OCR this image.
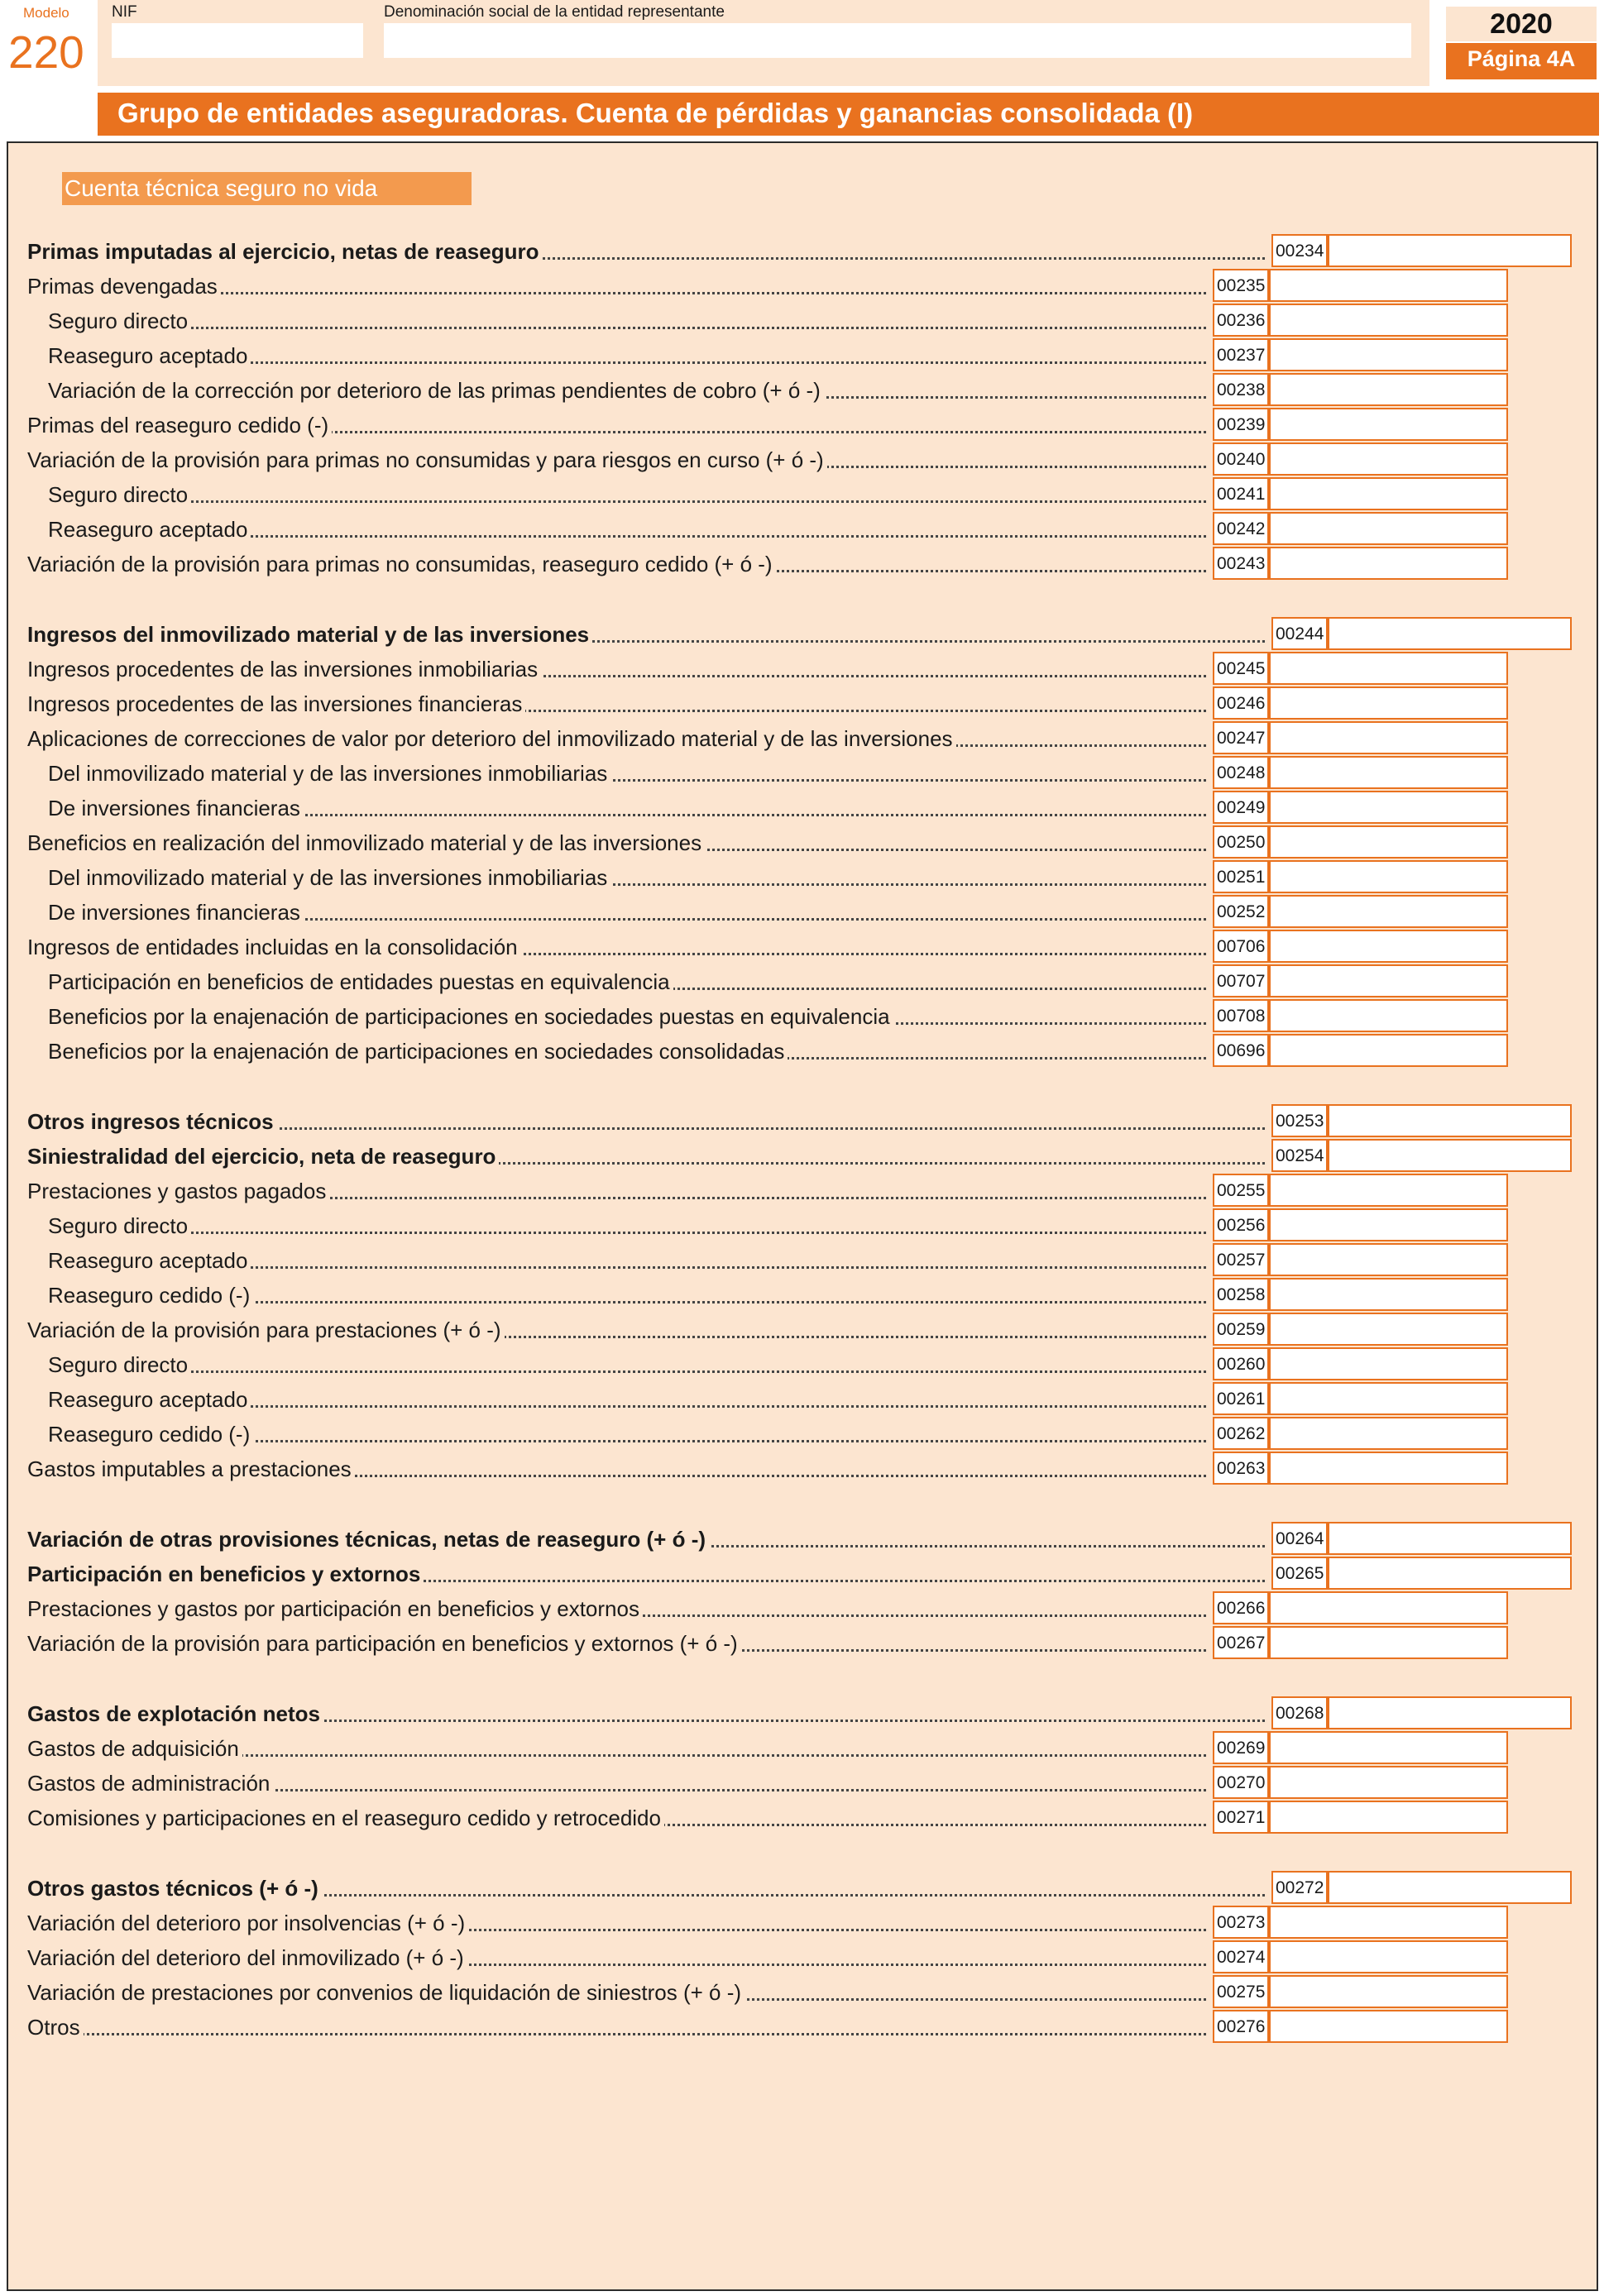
Modelo
220
NIF	Denominación social de la entidad representante	2020
Página 4A
Grupo de entidades aseguradoras. Cuenta de pérdidas y ganancias consolidada (I)
Cuenta técnica seguro no vida
Primas imputadas al ejercicio, netas de reaseguro	00234
Primas devengadas	00235
Seguro directo	00236
Reaseguro aceptado	00237
Variación de la corrección por deterioro de las primas pendientes de cobro (+ ó -)	00238
Primas del reaseguro cedido (-)	00239
Variación de la provisión para primas no consumidas y para riesgos en curso (+ ó -)	00240
Seguro directo	00241
Reaseguro aceptado	00242
Variación de la provisión para primas no consumidas, reaseguro cedido (+ ó -)	00243
Ingresos del inmovilizado material y de las inversiones	00244
Ingresos procedentes de las inversiones inmobiliarias	00245
Ingresos procedentes de las inversiones financieras	00246
Aplicaciones de correcciones de valor por deterioro del inmovilizado material y de las inversiones	00247
Del inmovilizado material y de las inversiones inmobiliarias	00248
De inversiones financieras	00249
Beneficios en realización del inmovilizado material y de las inversiones	00250
Del inmovilizado material y de las inversiones inmobiliarias	00251
De inversiones financieras	00252
Ingresos de entidades incluidas en la consolidación	00706
Participación en beneficios de entidades puestas en equivalencia	00707
Beneficios por la enajenación de participaciones en sociedades puestas en equivalencia	00708
Beneficios por la enajenación de participaciones en sociedades consolidadas	00696
Otros ingresos técnicos	00253
Siniestralidad del ejercicio, neta de reaseguro	00254
Prestaciones y gastos pagados	00255
Seguro directo	00256
Reaseguro aceptado	00257
Reaseguro cedido (-)	00258
Variación de la provisión para prestaciones (+ ó -)	00259
Seguro directo	00260
Reaseguro aceptado	00261
Reaseguro cedido (-)	00262
Gastos imputables a prestaciones	00263
Variación de otras provisiones técnicas, netas de reaseguro (+ ó -)	00264
Participación en beneficios y extornos	00265
Prestaciones y gastos por participación en beneficios y extornos	00266
Variación de la provisión para participación en beneficios y extornos (+ ó -)	00267
Gastos de explotación netos	00268
Gastos de adquisición	00269
Gastos de administración	00270
Comisiones y participaciones en el reaseguro cedido y retrocedido	00271
Otros gastos técnicos (+ ó -)	00272
Variación del deterioro por insolvencias (+ ó -)	00273
Variación del deterioro del inmovilizado (+ ó -)	00274
Variación de prestaciones por convenios de liquidación de siniestros (+ ó -)	00275
Otros	00276
